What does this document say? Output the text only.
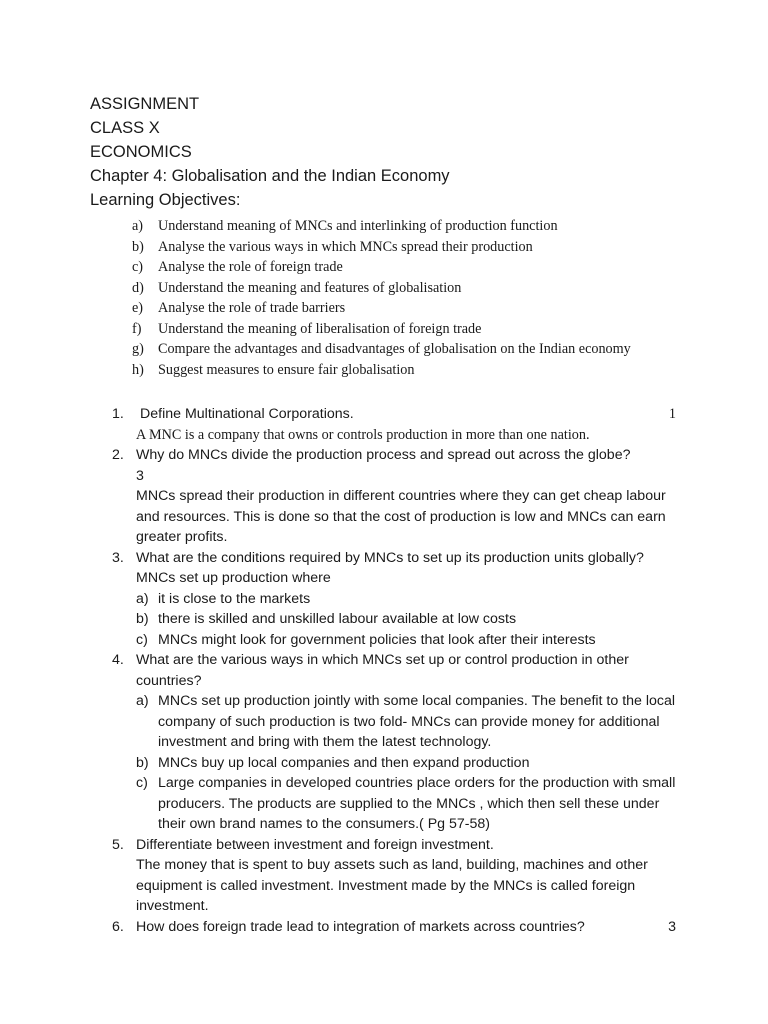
ASSIGNMENT

CLASS X

ECONOMICS

Chapter 4: Globalisation and the Indian Economy

Learning Objectives:

a)	Understand meaning of MNCs and interlinking of production function
b) Analyse the various ways in which MNCs spread their production
c)	Analyse the role of foreign trade
d) Understand the meaning and features of globalisation
e)	Analyse the role of trade barriers
f)	Understand the meaning of liberalisation of foreign trade
g) Compare the advantages and disadvantages of globalisation on the Indian economy
h) Suggest measures to ensure fair globalisation
1. Define Multinational Corporations.	1
A MNC is a company that owns or controls production in more than one nation.
2. Why do MNCs divide the production process and spread out across the globe?
3
MNCs spread their production in different countries where they can get cheap labour and resources. This is done so that the cost of production is low and MNCs can earn greater profits.
3. What are the conditions required by MNCs to set up its production units globally?
MNCs set up production where
a) it is close to the markets
b) there is skilled and unskilled labour available at low costs
c) MNCs might look for government policies that look after their interests
4. What are the various ways in which MNCs set up or control production in other countries?
a) MNCs set up production jointly with some local companies. The benefit to the local company of such production is two fold- MNCs can provide money for additional investment and bring with them the latest technology.
b) MNCs buy up local companies and then expand production
c) Large companies in developed countries place orders for the production with small producers. The products are supplied to the MNCs , which then sell these under their own brand names to the consumers.( Pg 57-58)
5. Differentiate between investment and foreign investment.
The money that is spent to buy assets such as land, building, machines and other equipment is called investment. Investment made by the MNCs is called foreign investment.
6. How does foreign trade lead to integration of markets across countries?	3
